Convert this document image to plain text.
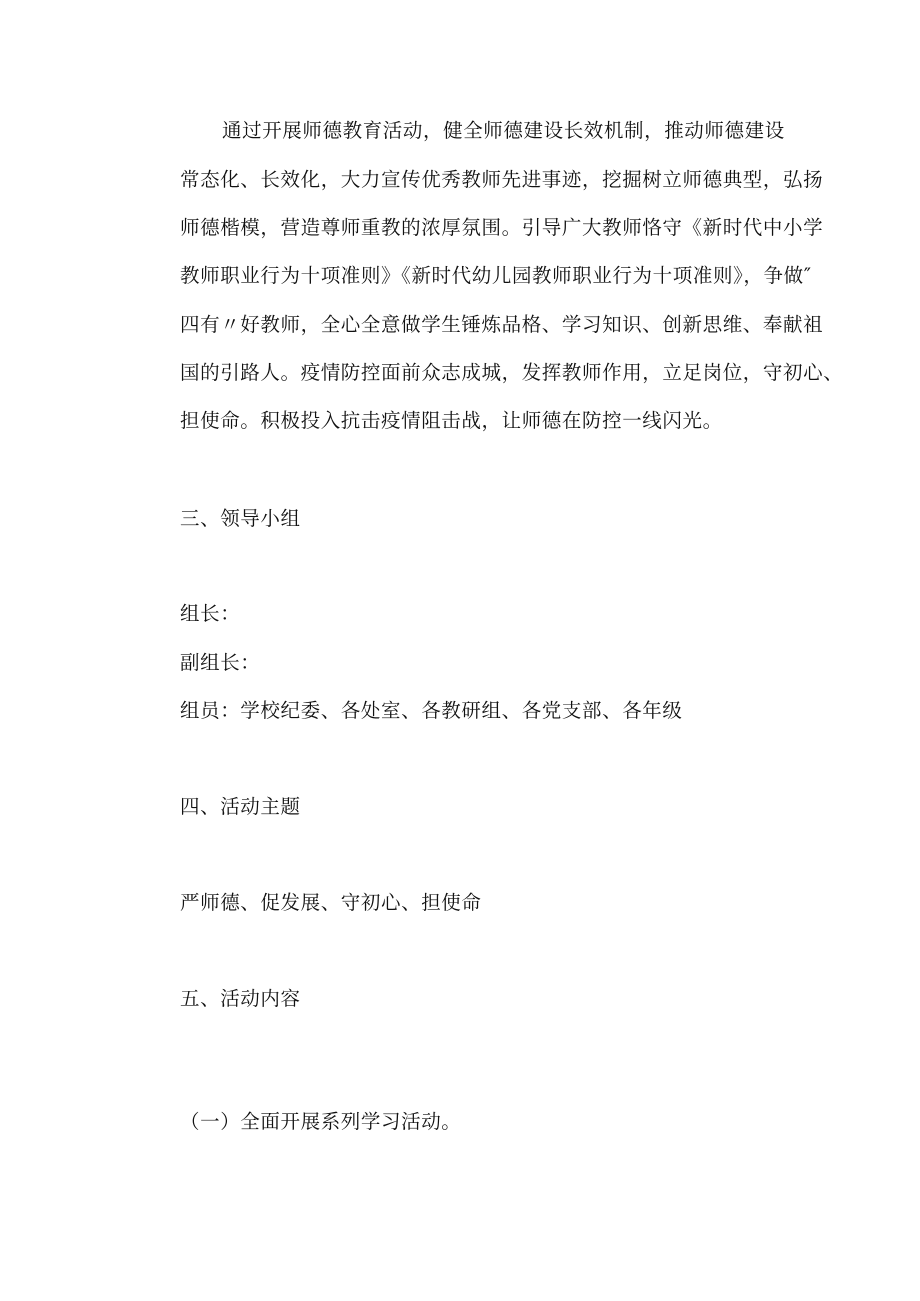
通过开展师德教育活动，健全师德建设长效机制，推动师德建设
常态化、长效化，大力宣传优秀教师先进事迹，挖掘树立师德典型，弘扬
师德楷模，营造尊师重教的浓厚氛围。引导广大教师恪守《新时代中小学
教师职业行为十项准则》《新时代幼儿园教师职业行为十项准则》，争做″
四有〃好教师，全心全意做学生锤炼品格、学习知识、创新思维、奉献祖
国的引路人。疫情防控面前众志成城，发挥教师作用，立足岗位，守初心、
担使命。积极投入抗击疫情阻击战，让师德在防控一线闪光。
三、领导小组
组长：
副组长：
组员：学校纪委、各处室、各教研组、各党支部、各年级
四、活动主题
严师德、促发展、守初心、担使命
五、活动内容
（一）全面开展系列学习活动。
